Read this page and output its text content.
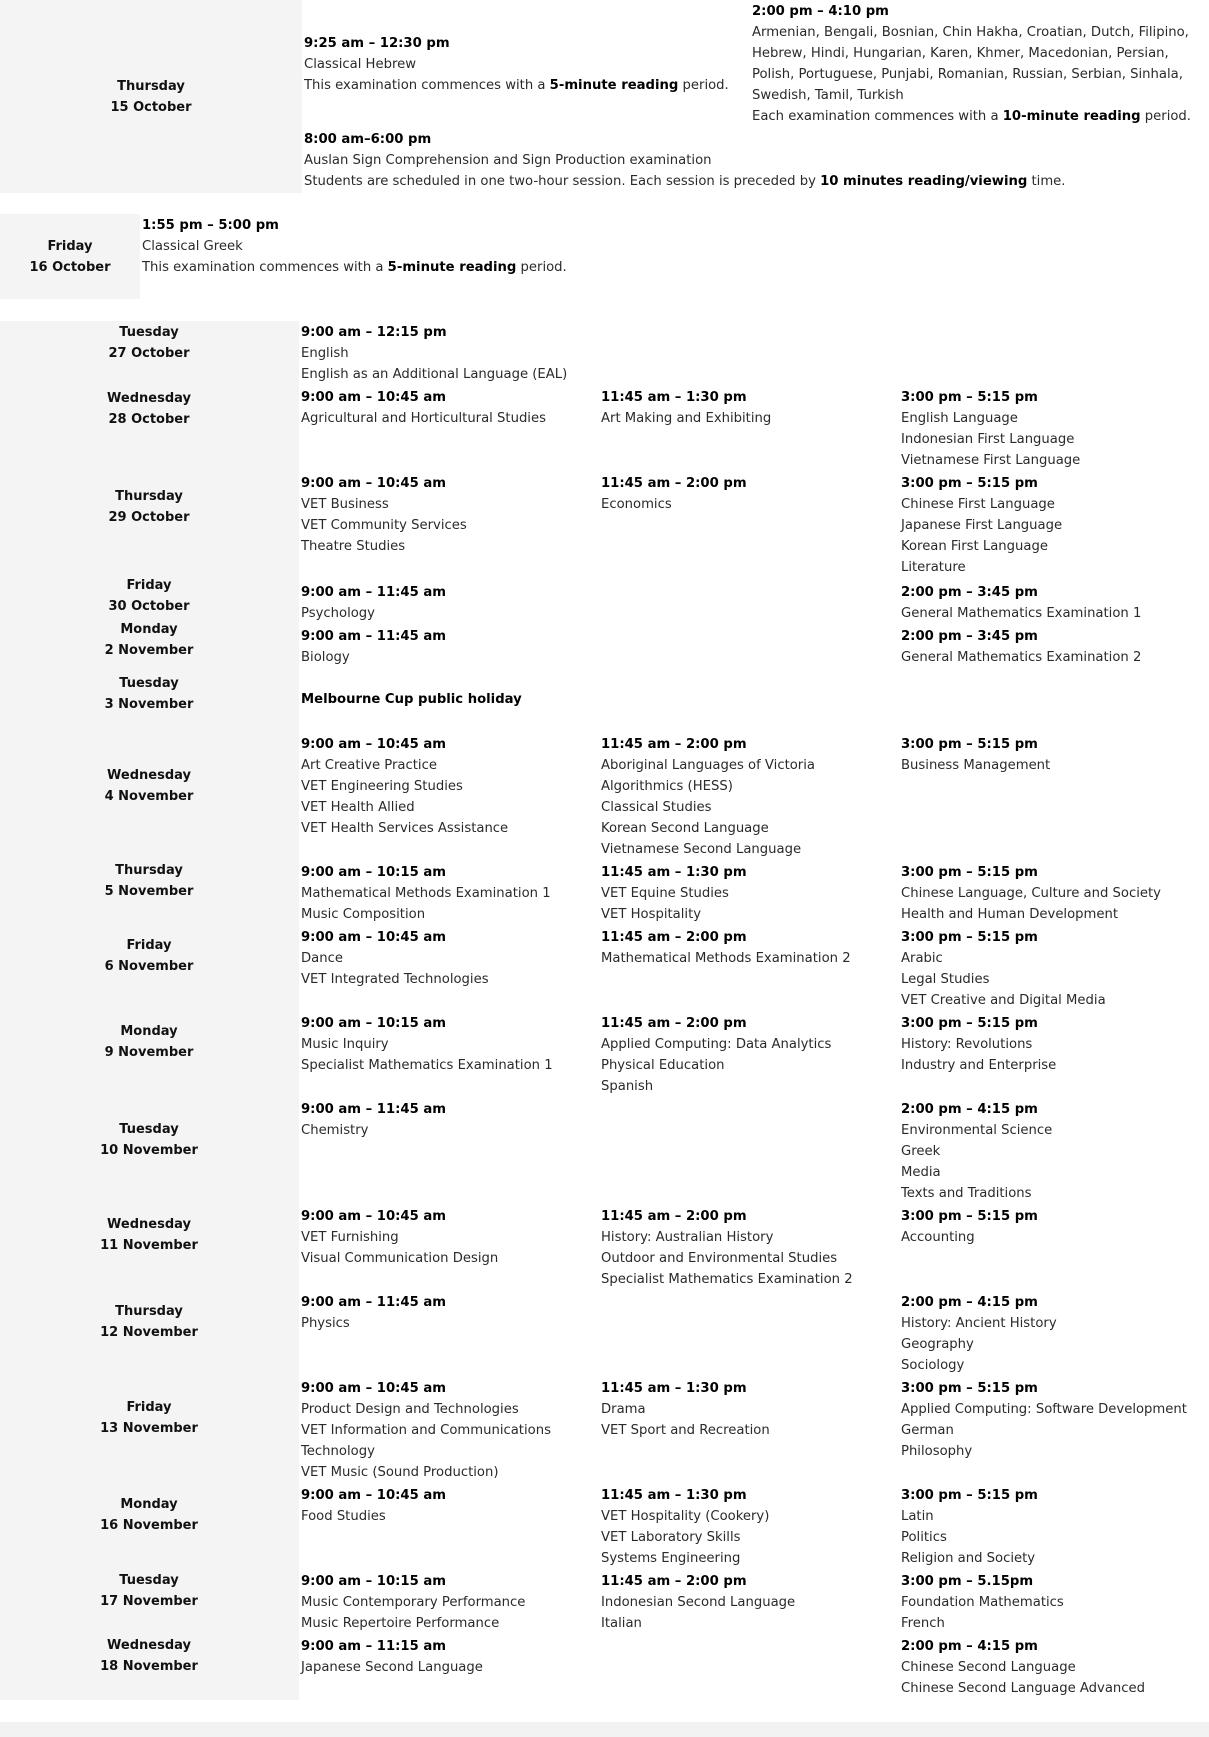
Thursday
15 October
9:25 am – 12:30 pm
Classical Hebrew
This examination commences with a 5-minute reading period.
2:00 pm – 4:10 pm
Armenian, Bengali, Bosnian, Chin Hakha, Croatian, Dutch, Filipino,
Hebrew, Hindi, Hungarian, Karen, Khmer, Macedonian, Persian,
Polish, Portuguese, Punjabi, Romanian, Russian, Serbian, Sinhala,
Swedish, Tamil, Turkish
Each examination commences with a 10-minute reading period.
8:00 am–6:00 pm
Auslan Sign Comprehension and Sign Production examination
Students are scheduled in one two-hour session. Each session is preceded by 10 minutes reading/viewing time.
Friday
16 October
1:55 pm – 5:00 pm
Classical Greek
This examination commences with a 5-minute reading period.
Tuesday
27 October
Wednesday
28 October
Thursday
29 October
Friday
30 October
Monday
2 November
Tuesday
3 November
Wednesday
4 November
Thursday
5 November
Friday
6 November
Monday
9 November
Tuesday
10 November
Wednesday
11 November
Thursday
12 November
Friday
13 November
Monday
16 November
Tuesday
17 November
Wednesday
18 November
Melbourne Cup public holiday
9:00 am – 12:15 pm
English
English as an Additional Language (EAL)
9:00 am – 10:45 am
Agricultural and Horticultural Studies
11:45 am – 1:30 pm
Art Making and Exhibiting
3:00 pm – 5:15 pm
English Language
Indonesian First Language
Vietnamese First Language
9:00 am – 10:45 am
VET Business
VET Community Services
Theatre Studies
11:45 am – 2:00 pm
Economics
3:00 pm – 5:15 pm
Chinese First Language
Japanese First Language
Korean First Language
Literature
9:00 am – 11:45 am
Psychology
2:00 pm – 3:45 pm
General Mathematics Examination 1
9:00 am – 11:45 am
Biology
2:00 pm – 3:45 pm
General Mathematics Examination 2
9:00 am – 10:45 am
Art Creative Practice
VET Engineering Studies
VET Health Allied
VET Health Services Assistance
11:45 am – 2:00 pm
Aboriginal Languages of Victoria
Algorithmics (HESS)
Classical Studies
Korean Second Language
Vietnamese Second Language
3:00 pm – 5:15 pm
Business Management
9:00 am – 10:15 am
Mathematical Methods Examination 1
Music Composition
11:45 am – 1:30 pm
VET Equine Studies
VET Hospitality
3:00 pm – 5:15 pm
Chinese Language, Culture and Society
Health and Human Development
9:00 am – 10:45 am
Dance
VET Integrated Technologies
11:45 am – 2:00 pm
Mathematical Methods Examination 2
3:00 pm – 5:15 pm
Arabic
Legal Studies
VET Creative and Digital Media
9:00 am – 10:15 am
Music Inquiry
Specialist Mathematics Examination 1
11:45 am – 2:00 pm
Applied Computing: Data Analytics
Physical Education
Spanish
3:00 pm – 5:15 pm
History: Revolutions
Industry and Enterprise
9:00 am – 11:45 am
Chemistry
2:00 pm – 4:15 pm
Environmental Science
Greek
Media
Texts and Traditions
9:00 am – 10:45 am
VET Furnishing
Visual Communication Design
11:45 am – 2:00 pm
History: Australian History
Outdoor and Environmental Studies
Specialist Mathematics Examination 2
3:00 pm – 5:15 pm
Accounting
9:00 am – 11:45 am
Physics
2:00 pm – 4:15 pm
History: Ancient History
Geography
Sociology
9:00 am – 10:45 am
Product Design and Technologies
VET Information and Communications
Technology
VET Music (Sound Production)
11:45 am – 1:30 pm
Drama
VET Sport and Recreation
3:00 pm – 5:15 pm
Applied Computing: Software Development
German
Philosophy
9:00 am – 10:45 am
Food Studies
11:45 am – 1:30 pm
VET Hospitality (Cookery)
VET Laboratory Skills
Systems Engineering
3:00 pm – 5:15 pm
Latin
Politics
Religion and Society
9:00 am – 10:15 am
Music Contemporary Performance
Music Repertoire Performance
11:45 am – 2:00 pm
Indonesian Second Language
Italian
3:00 pm – 5.15pm
Foundation Mathematics
French
9:00 am – 11:15 am
Japanese Second Language
2:00 pm – 4:15 pm
Chinese Second Language
Chinese Second Language Advanced
